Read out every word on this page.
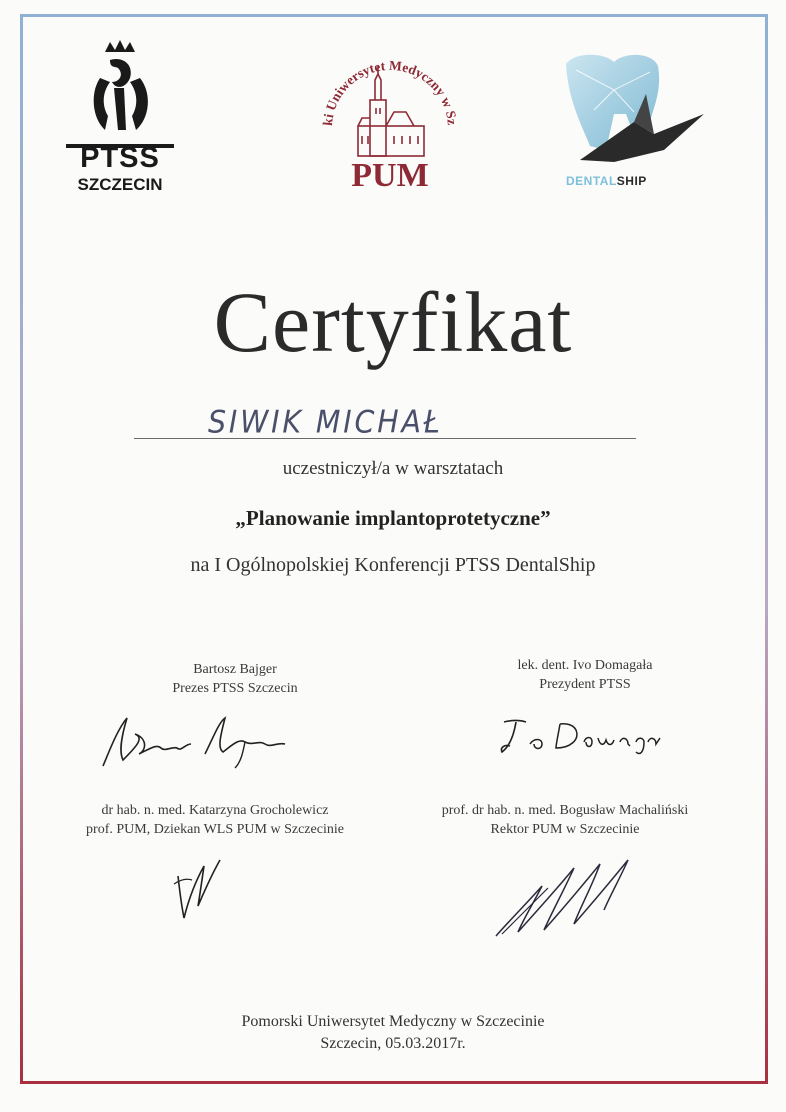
PTSS
SZCZECIN
ki Uniwersytet Medyczny w Sz
PUM	DENTALSHIP
Certyfikat
SIWIK MICHAŁ
uczestniczył/a w warsztatach
„Planowanie implantoprotetyczne”
na I Ogólnopolskiej Konferencji PTSS DentalShip
Bartosz Bajger
Prezes PTSS Szczecin
lek. dent. Ivo Domagała
Prezydent PTSS
dr hab. n. med. Katarzyna Grocholewicz
prof. PUM, Dziekan WLS PUM w Szczecinie
prof. dr hab. n. med. Bogusław Machaliński
Rektor PUM w Szczecinie
Pomorski Uniwersytet Medyczny w Szczecinie
Szczecin, 05.03.2017r.
